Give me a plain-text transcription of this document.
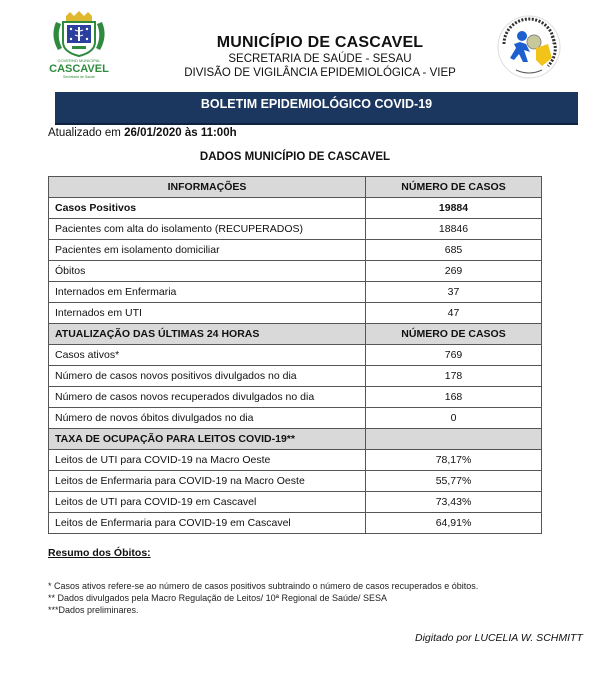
GOVERNO MUNICIPAL
CASCAVEL
Secretaria de Saúde
MUNICÍPIO DE CASCAVEL
SECRETARIA DE SAÚDE - SESAU
DIVISÃO DE VIGILÂNCIA EPIDEMIOLÓGICA - VIEP
BOLETIM EPIDEMIOLÓGICO COVID-19
Atualizado em 26/01/2020 às 11:00h
DADOS MUNICÍPIO DE CASCAVEL
INFORMAÇÕES	NÚMERO DE CASOS
Casos Positivos	19884
Pacientes com alta do isolamento (RECUPERADOS)	18846
Pacientes em isolamento domiciliar	685
Óbitos	269
Internados em Enfermaria	37
Internados em UTI	47
ATUALIZAÇÃO DAS ÚLTIMAS 24 HORAS	NÚMERO DE CASOS
Casos ativos*	769
Número de casos novos positivos divulgados no dia	178
Número de casos novos recuperados divulgados no dia	168
Número de novos óbitos divulgados no dia	0
TAXA DE OCUPAÇÃO PARA LEITOS COVID-19**	
Leitos de UTI para COVID-19 na Macro Oeste	78,17%
Leitos de Enfermaria para COVID-19 na Macro Oeste	55,77%
Leitos de UTI para COVID-19 em Cascavel	73,43%
Leitos de Enfermaria para COVID-19 em Cascavel	64,91%
Resumo dos Óbitos:
* Casos ativos refere-se ao número de casos positivos subtraindo o número de casos recuperados e óbitos.
** Dados divulgados pela Macro Regulação de Leitos/ 10ª Regional de Saúde/ SESA
***Dados preliminares.
Digitado por LUCELIA W. SCHMITT
